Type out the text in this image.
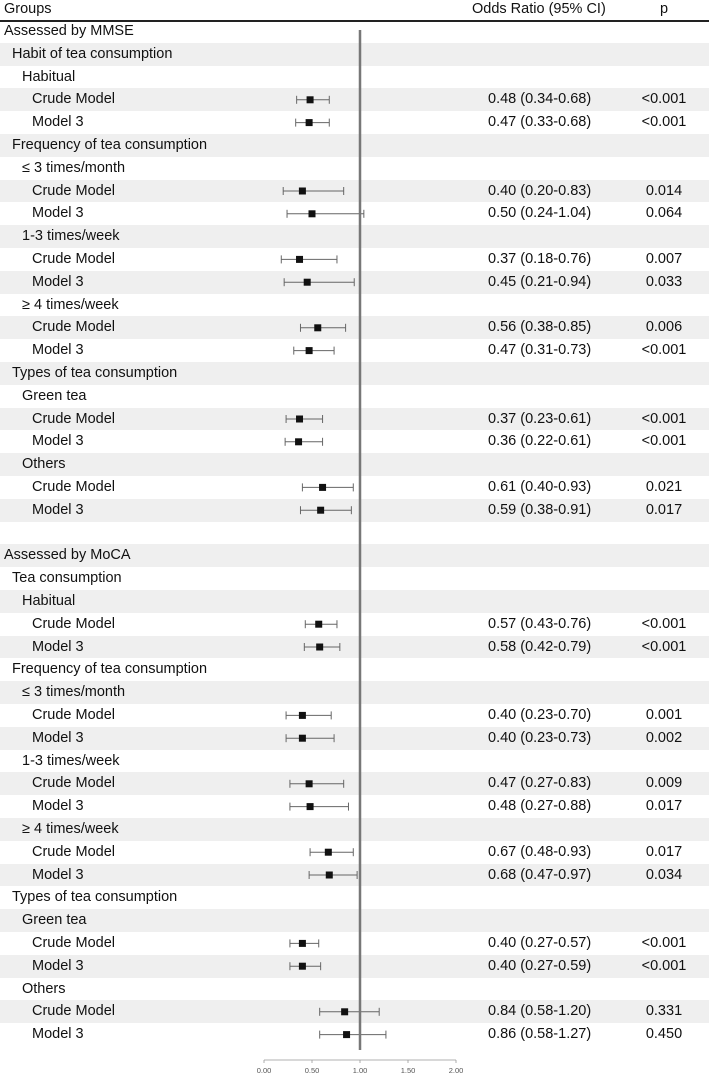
Groups	Odds Ratio (95% CI)	p
Assessed by MMSE
Habit of tea consumption
Habitual
Crude Model	0.48 (0.34-0.68)	<0.001
Model 3	0.47 (0.33-0.68)	<0.001
Frequency of tea consumption
≤ 3 times/month
Crude Model	0.40 (0.20-0.83)	0.014
Model 3	0.50 (0.24-1.04)	0.064
1-3 times/week
Crude Model	0.37 (0.18-0.76)	0.007
Model 3	0.45 (0.21-0.94)	0.033
≥ 4 times/week
Crude Model	0.56 (0.38-0.85)	0.006
Model 3	0.47 (0.31-0.73)	<0.001
Types of tea consumption
Green tea
Crude Model	0.37 (0.23-0.61)	<0.001
Model 3	0.36 (0.22-0.61)	<0.001
Others
Crude Model	0.61 (0.40-0.93)	0.021
Model 3	0.59 (0.38-0.91)	0.017
Assessed by MoCA
Tea consumption
Habitual
Crude Model	0.57 (0.43-0.76)	<0.001
Model 3	0.58 (0.42-0.79)	<0.001
Frequency of tea consumption
≤ 3 times/month
Crude Model	0.40 (0.23-0.70)	0.001
Model 3	0.40 (0.23-0.73)	0.002
1-3 times/week
Crude Model	0.47 (0.27-0.83)	0.009
Model 3	0.48 (0.27-0.88)	0.017
≥ 4 times/week
Crude Model	0.67 (0.48-0.93)	0.017
Model 3	0.68 (0.47-0.97)	0.034
Types of tea consumption
Green tea
Crude Model	0.40 (0.27-0.57)	<0.001
Model 3	0.40 (0.27-0.59)	<0.001
Others
Crude Model	0.84 (0.58-1.20)	0.331
Model 3	0.86 (0.58-1.27)	0.450
0.00	0.50	1.00	1.50	2.00
